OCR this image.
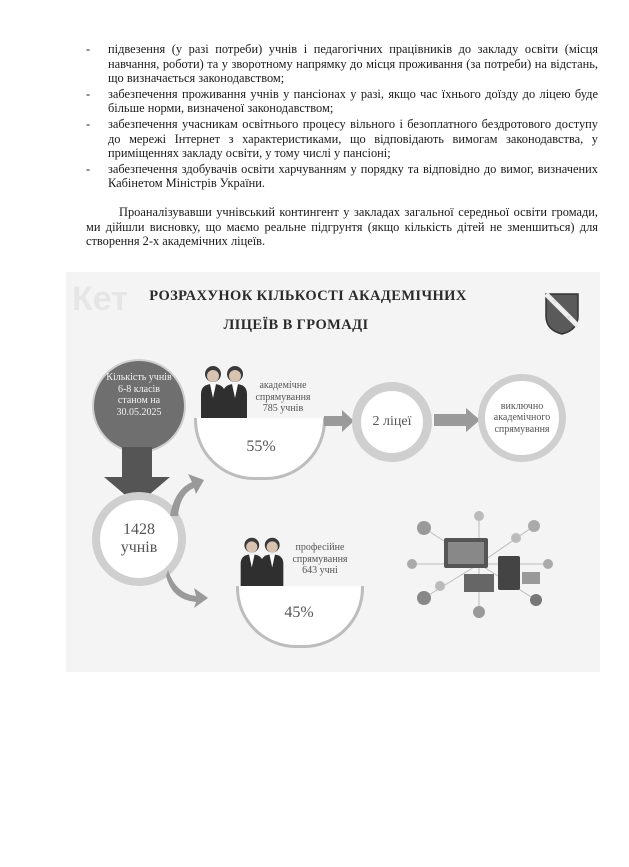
- підвезення (у разі потреби) учнів і педагогічних працівників до закладу освіти (місця навчання, роботи) та у зворотному напрямку до місця проживання (за потреби) на відстань, що визначається законодавством;
- забезпечення проживання учнів у пансіонах у разі, якщо час їхнього доїзду до ліцею буде більше норми, визначеної законодавством;
- забезпечення учасникам освітнього процесу вільного і безоплатного бездротового доступу до мережі Інтернет з характеристиками, що відповідають вимогам законодавства, у приміщеннях закладу освіти, у тому числі у пансіоні;
- забезпечення здобувачів освіти харчуванням у порядку та відповідно до вимог, визначених Кабінетом Міністрів України.

Проаналізувавши учнівський контингент у закладах загальної середньої освіти громади, ми дійшли висновку, що маємо реальне підгрунтя (якщо кількість дітей не зменшиться) для створення 2-х академічних ліцеїв.

Кет	РОЗРАХУНОК КІЛЬКОСТІ АКАДЕМІЧНИХ
ЛІЦЕЇВ В ГРОМАДІ
Кількість учнів 6-8 класів станом на 30.05.2025
академічне спрямування 785 учнів
55%
2 ліцеї
виключно академічного спрямування
1428
учнів	професійне спрямування 643 учні
45%
